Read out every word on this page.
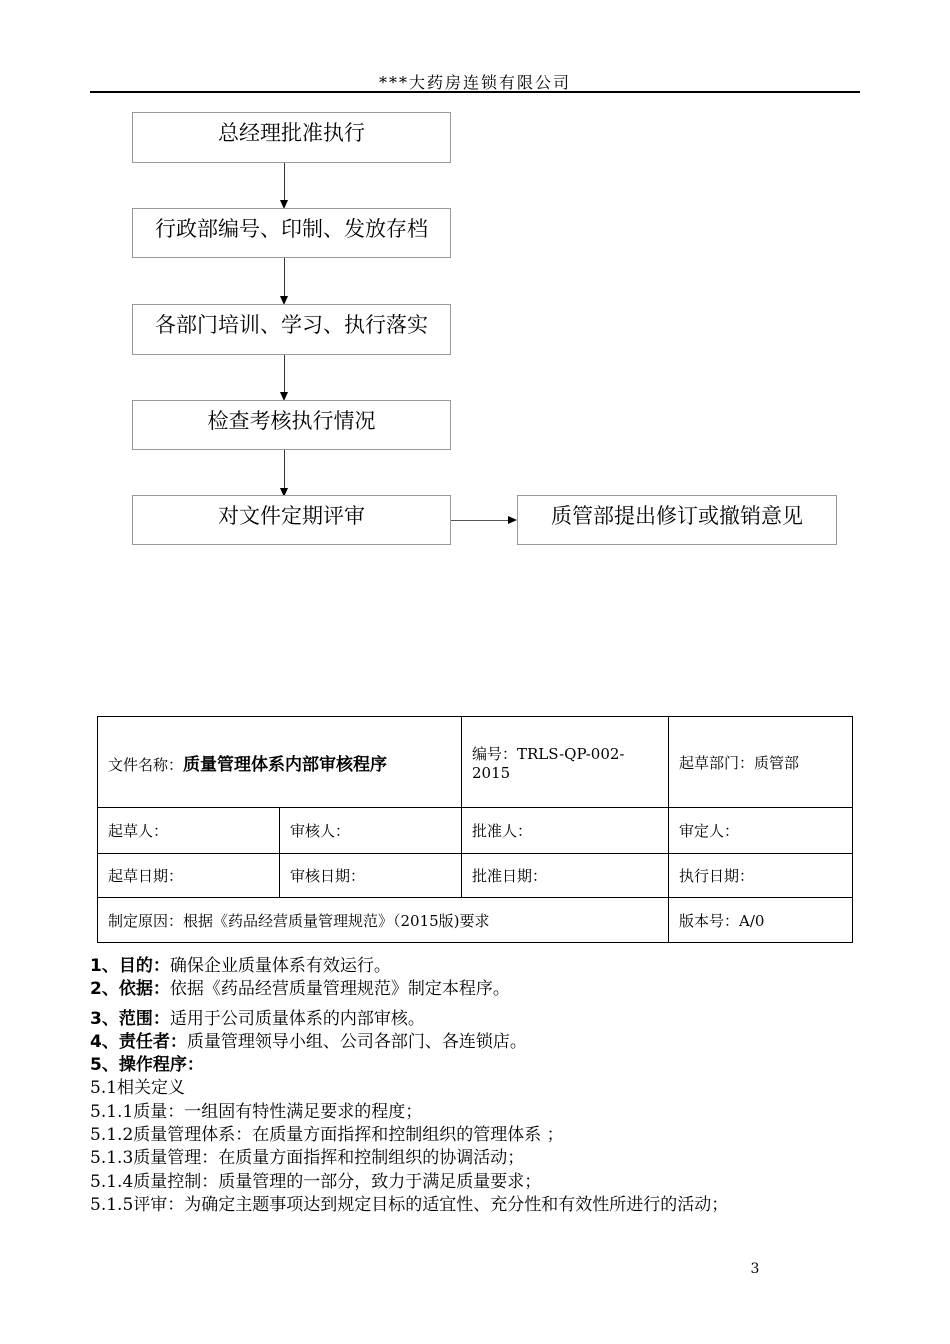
***大药房连锁有限公司
总经理批准执行
行政部编号、印制、发放存档
各部门培训、学习、执行落实
检查考核执行情况
对文件定期评审	质管部提出修订或撤销意见
文件名称：质量管理体系内部审核程序		编号：TRLS-QP-002-2015	起草部门：质管部
起草人：	审核人：	批准人：	审定人：
起草日期：	审核日期：	批准日期：	执行日期：
制定原因：根据《药品经营质量管理规范》（2015版)要求			版本号：A/0
1、目的：确保企业质量体系有效运行。
2、依据：依据《药品经营质量管理规范》制定本程序。
3、范围：适用于公司质量体系的内部审核。
4、责任者：质量管理领导小组、公司各部门、各连锁店。
5、操作程序：
5.1相关定义
5.1.1质量：一组固有特性满足要求的程度；
5.1.2质量管理体系：在质量方面指挥和控制组织的管理体系 ；
5.1.3质量管理：在质量方面指挥和控制组织的协调活动；
5.1.4质量控制：质量管理的一部分，致力于满足质量要求；
5.1.5评审：为确定主题事项达到规定目标的适宜性、充分性和有效性所进行的活动；
3
